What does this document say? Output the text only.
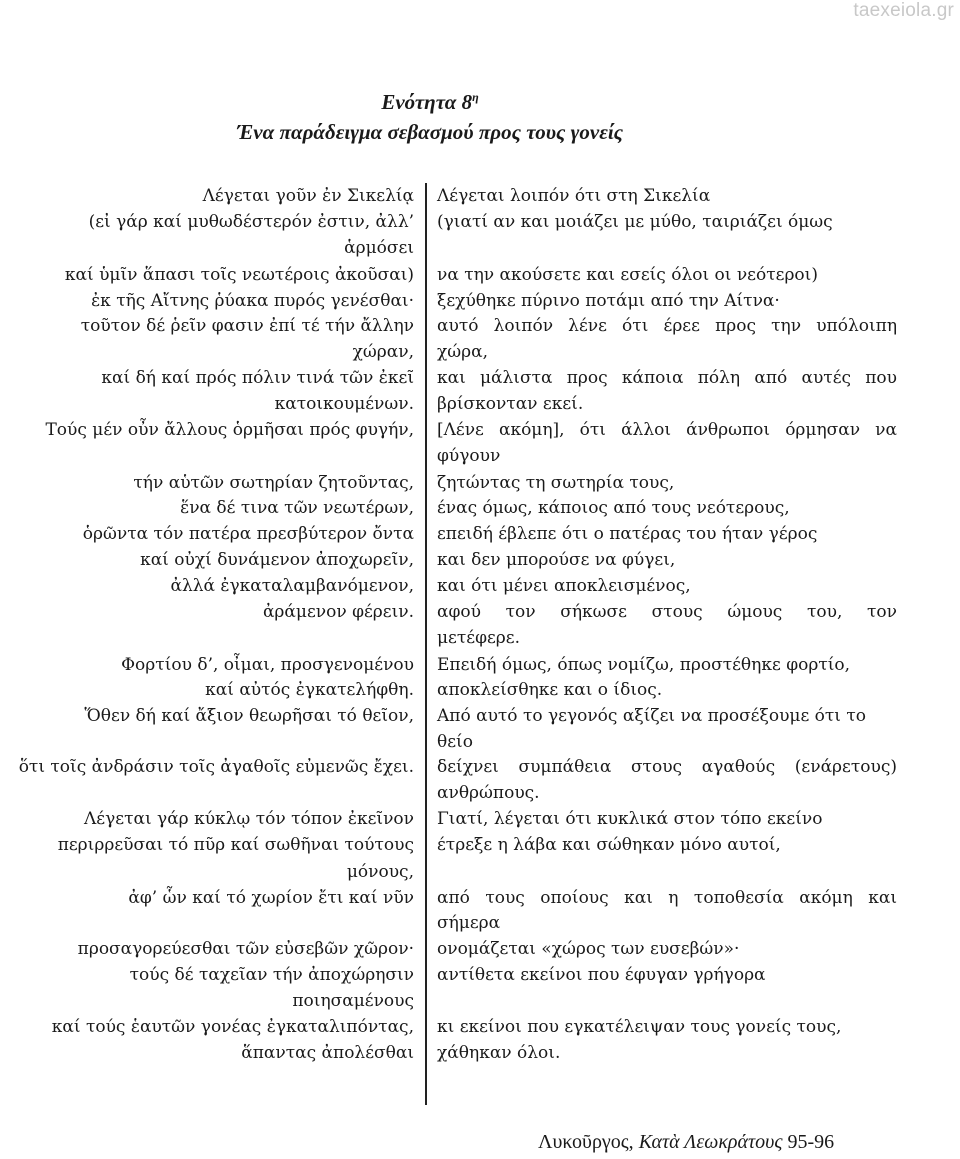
taexeiola.gr
Ενότητα $8^\eta$
Ένα παράδειγμα σεβασμού προς τους γονείς
Λέγεται γοῦν ἐν Σικελίᾳ Λέγεται λοιπόν ότι στη Σικελία
(εἰ γάρ καί μυθωδέστερόν ἐστιν, ἀλλ’ (γιατί αν και μοιάζει με μύθο, ταιριάζει όμως
ἁρμόσει
καί ὑμῖν ἅπασι τοῖς νεωτέροις ἀκοῦσαι) να την ακούσετε και εσείς όλοι οι νεότεροι)
ἐκ τῆς Αἴτνης ῥύακα πυρός γενέσθαι· ξεχύθηκε πύρινο ποτάμι από την Αίτνα·
τοῦτον δέ ῥεῖν φασιν ἐπί τέ τήν ἄλλην αυτό λοιπόν λένε ότι έρεε προς την υπόλοιπη
χώραν, χώρα,
καί δή καί πρός πόλιν τινά τῶν ἐκεῖ και μάλιστα προς κάποια πόλη από αυτές που
κατοικουμένων. βρίσκονταν εκεί.
Τούς μέν οὖν ἄλλους ὁρμῆσαι πρός φυγήν, [Λένε ακόμη], ότι άλλοι άνθρωποι όρμησαν να
φύγουν
τήν αὑτῶν σωτηρίαν ζητοῦντας, ζητώντας τη σωτηρία τους,
ἕνα δέ τινα τῶν νεωτέρων, ένας όμως, κάποιος από τους νεότερους,
ὁρῶντα τόν πατέρα πρεσβύτερον ὄντα επειδή έβλεπε ότι ο πατέρας του ήταν γέρος
καί οὐχί δυνάμενον ἀποχωρεῖν, και δεν μπορούσε να φύγει,
ἀλλά ἐγκαταλαμβανόμενον, και ότι μένει αποκλεισμένος,
ἀράμενον φέρειν. αφού τον σήκωσε στους ώμους του, τον
μετέφερε.
Φορτίου δ’, οἶμαι, προσγενομένου Επειδή όμως, όπως νομίζω, προστέθηκε φορτίο,
καί αὐτός ἐγκατελήφθη. αποκλείσθηκε και ο ίδιος.
Ὅθεν δή καί ἄξιον θεωρῆσαι τό θεῖον, Από αυτό το γεγονός αξίζει να προσέξουμε ότι το
θείο
ὅτι τοῖς ἀνδράσιν τοῖς ἀγαθοῖς εὐμενῶς ἔχει. δείχνει συμπάθεια στους αγαθούς (ενάρετους)
ανθρώπους.
Λέγεται γάρ κύκλῳ τόν τόπον ἐκεῖνον Γιατί, λέγεται ότι κυκλικά στον τόπο εκείνο
περιρρεῦσαι τό πῦρ καί σωθῆναι τούτους έτρεξε η λάβα και σώθηκαν μόνο αυτοί,
μόνους,
ἀφ’ ὧν καί τό χωρίον ἔτι καί νῦν από τους οποίους και η τοποθεσία ακόμη και
σήμερα
προσαγορεύεσθαι τῶν εὐσεβῶν χῶρον· ονομάζεται «χώρος των ευσεβών»·
τούς δέ ταχεῖαν τήν ἀποχώρησιν αντίθετα εκείνοι που έφυγαν γρήγορα
ποιησαμένους
καί τούς ἑαυτῶν γονέας ἐγκαταλιπόντας, κι εκείνοι που εγκατέλειψαν τους γονείς τους,
ἅπαντας ἀπολέσθαι χάθηκαν όλοι.
Λυκοῦργος, Κατὰ Λεωκράτους 95-96
